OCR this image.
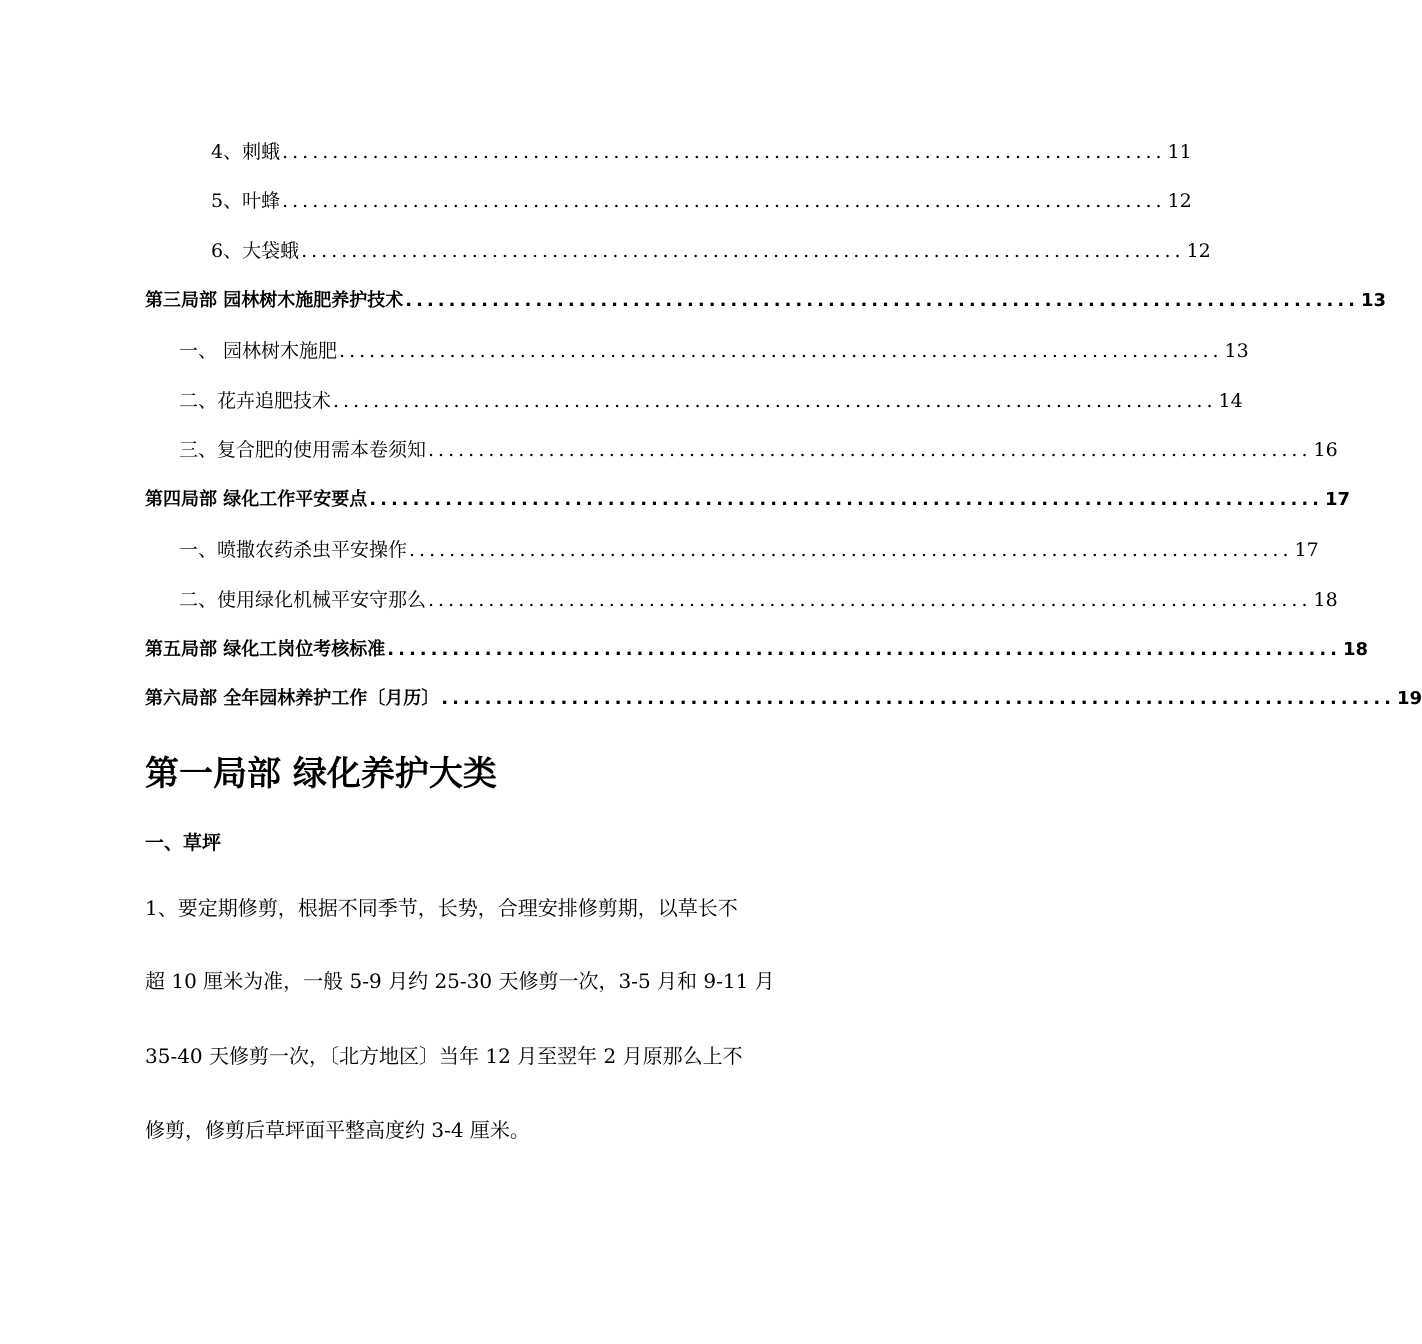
4、刺蛾 ........................................................................................ 11
5、叶蜂 ........................................................................................ 12
6、大袋蛾 ........................................................................................ 12
第三局部 园林树木施肥养护技术 ........................................................................................ 13
一、 园林树木施肥 ........................................................................................ 13
二、花卉追肥技术 ........................................................................................ 14
三、复合肥的使用需本卷须知 ........................................................................................ 16
第四局部 绿化工作平安要点 ........................................................................................ 17
一、喷撒农药杀虫平安操作 ........................................................................................ 17
二、使用绿化机械平安守那么 ........................................................................................ 18
第五局部 绿化工岗位考核标准 ........................................................................................ 18
第六局部 全年园林养护工作〔月历〕 ........................................................................................ 19
第一局部 绿化养护大类
一、草坪
1、要定期修剪，根据不同季节，长势，合理安排修剪期，以草长不
超 10 厘米为准，一般 5-9 月约 25-30 天修剪一次，3-5 月和 9-11 月
35-40 天修剪一次，〔北方地区〕当年 12 月至翌年 2 月原那么上不
修剪，修剪后草坪面平整高度约 3-4 厘米。
